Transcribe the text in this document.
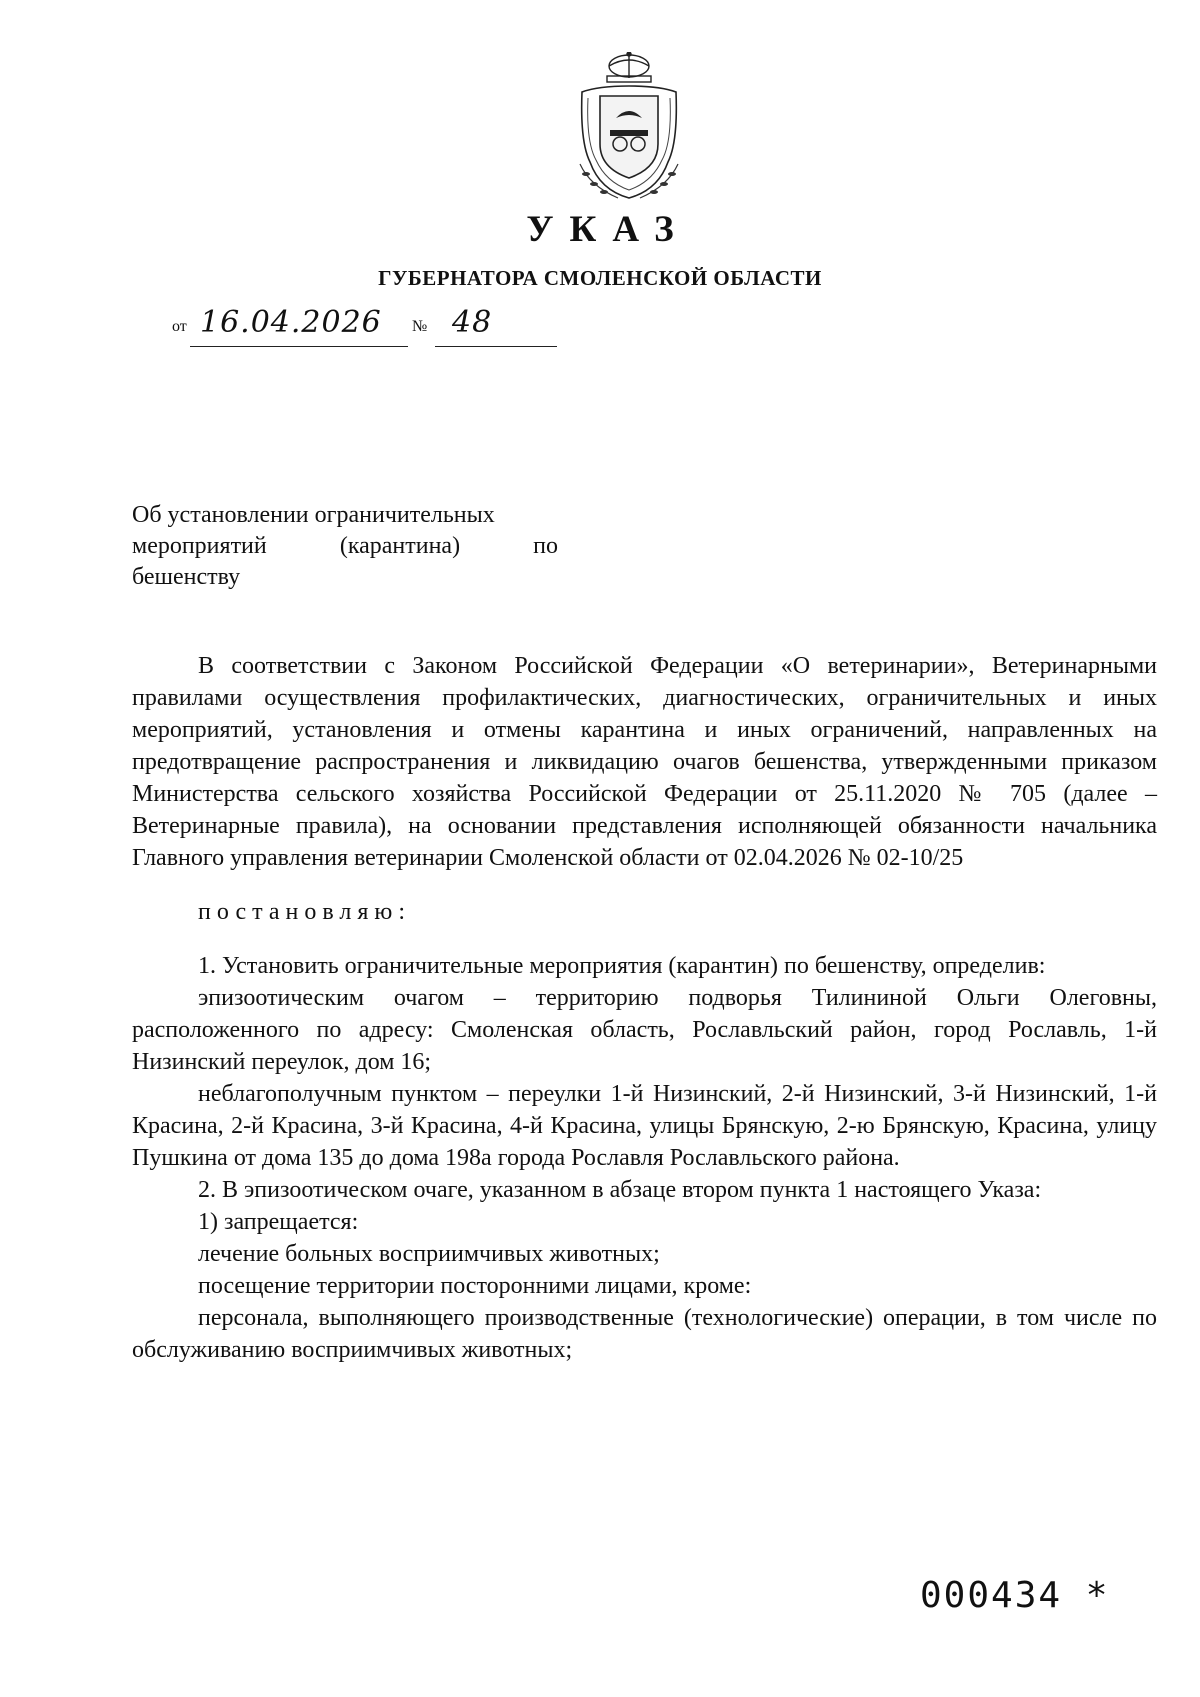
УКАЗ
ГУБЕРНАТОРА СМОЛЕНСКОЙ ОБЛАСТИ
от 16.04.2026 № 48
Об установлении ограничительных
мероприятий (карантина) по
бешенству

В соответствии с Законом Российской Федерации «О ветеринарии», Ветеринарными правилами осуществления профилактических, диагностических, ограничительных и иных мероприятий, установления и отмены карантина и иных ограничений, направленных на предотвращение распространения и ликвидацию очагов бешенства, утвержденными приказом Министерства сельского хозяйства Российской Федерации от 25.11.2020 № 705 (далее – Ветеринарные правила), на основании представления исполняющей обязанности начальника Главного управления ветеринарии Смоленской области от 02.04.2026 № 02-10/25

постановляю:

1. Установить ограничительные мероприятия (карантин) по бешенству, определив:

эпизоотическим очагом – территорию подворья Тилининой Ольги Олеговны, расположенного по адресу: Смоленская область, Рославльский район, город Рославль, 1-й Низинский переулок, дом 16;

неблагополучным пунктом – переулки 1-й Низинский, 2-й Низинский, 3-й Низинский, 1-й Красина, 2-й Красина, 3-й Красина, 4-й Красина, улицы Брянскую, 2-ю Брянскую, Красина, улицу Пушкина от дома 135 до дома 198а города Рославля Рославльского района.

2. В эпизоотическом очаге, указанном в абзаце втором пункта 1 настоящего Указа:

1) запрещается:

лечение больных восприимчивых животных;

посещение территории посторонними лицами, кроме:

персонала, выполняющего производственные (технологические) операции, в том числе по обслуживанию восприимчивых животных;

000434 *
